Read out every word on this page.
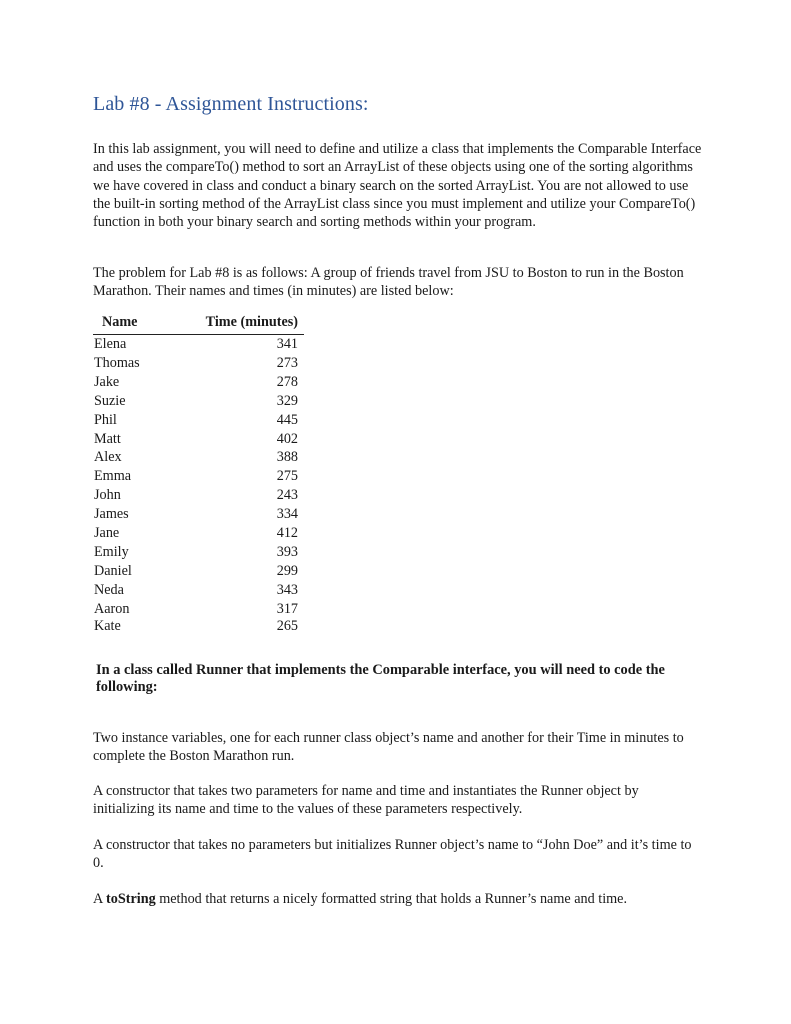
Lab #8 - Assignment Instructions:

In this lab assignment, you will need to define and utilize a class that implements the Comparable Interface and uses the compareTo() method to sort an ArrayList of these objects using one of the sorting algorithms we have covered in class and conduct a binary search on the sorted ArrayList. You are not allowed to use the built-in sorting method of the ArrayList class since you must implement and utilize your CompareTo() function in both your binary search and sorting methods within your program.

The problem for Lab #8 is as follows: A group of friends travel from JSU to Boston to run in the Boston Marathon. Their names and times (in minutes) are listed below:

Name	Time (minutes)
Elena	341
Thomas	273
Jake	278
Suzie	329
Phil	445
Matt	402
Alex	388
Emma	275
John	243
James	334
Jane	412
Emily	393
Daniel	299
Neda	343
Aaron	317
Kate	265

In a class called Runner that implements the Comparable interface, you will need to code the following:

Two instance variables, one for each runner class object’s name and another for their Time in minutes to complete the Boston Marathon run.

A constructor that takes two parameters for name and time and instantiates the Runner object by initializing its name and time to the values of these parameters respectively.

A constructor that takes no parameters but initializes Runner object’s name to “John Doe” and it’s time to 0.

A toString method that returns a nicely formatted string that holds a Runner’s name and time.
